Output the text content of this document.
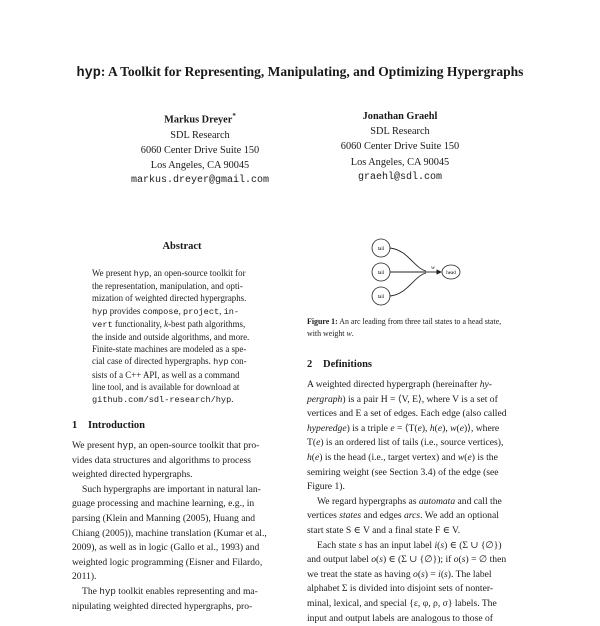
hyp: A Toolkit for Representing, Manipulating, and Optimizing Hypergraphs
Markus Dreyer*
SDL Research
6060 Center Drive Suite 150
Los Angeles, CA 90045
markus.dreyer@gmail.com
Jonathan Graehl
SDL Research
6060 Center Drive Suite 150
Los Angeles, CA 90045
graehl@sdl.com
Abstract
We present hyp, an open-source toolkit for
the representation, manipulation, and opti-
mization of weighted directed hypergraphs.
hyp provides compose, project, in-
vert functionality, k-best path algorithms,
the inside and outside algorithms, and more.
Finite-state machines are modeled as a spe-
cial case of directed hypergraphs. hyp con-
sists of a C++ API, as well as a command
line tool, and is available for download at
github.com/sdl-research/hyp.
1 Introduction
We present hyp, an open-source toolkit that pro-
vides data structures and algorithms to process
weighted directed hypergraphs.
Such hypergraphs are important in natural lan-
guage processing and machine learning, e.g., in
parsing (Klein and Manning (2005), Huang and
Chiang (2005)), machine translation (Kumar et al.,
2009), as well as in logic (Gallo et al., 1993) and
weighted logic programming (Eisner and Filardo,
2011).
The hyp toolkit enables representing and ma-
nipulating weighted directed hypergraphs, pro-
tail
tail
tail
w
head
Figure 1: An arc leading from three tail states to a head state,
with weight w.
2 Definitions
A weighted directed hypergraph (hereinafter hy-
pergraph) is a pair H = ⟨V, E⟩, where V is a set of
vertices and E a set of edges. Each edge (also called
hyperedge) is a triple e = ⟨T(e), h(e), w(e)⟩, where
T(e) is an ordered list of tails (i.e., source vertices),
h(e) is the head (i.e., target vertex) and w(e) is the
semiring weight (see Section 3.4) of the edge (see
Figure 1).
We regard hypergraphs as automata and call the
vertices states and edges arcs. We add an optional
start state S ∈ V and a final state F ∈ V.
Each state s has an input label i(s) ∈ (Σ ∪ {∅})
and output label o(s) ∈ (Σ ∪ {∅}); if o(s) = ∅ then
we treat the state as having o(s) = i(s). The label
alphabet Σ is divided into disjoint sets of nonter-
minal, lexical, and special {ε, φ, ρ, σ} labels. The
input and output labels are analogous to those of
